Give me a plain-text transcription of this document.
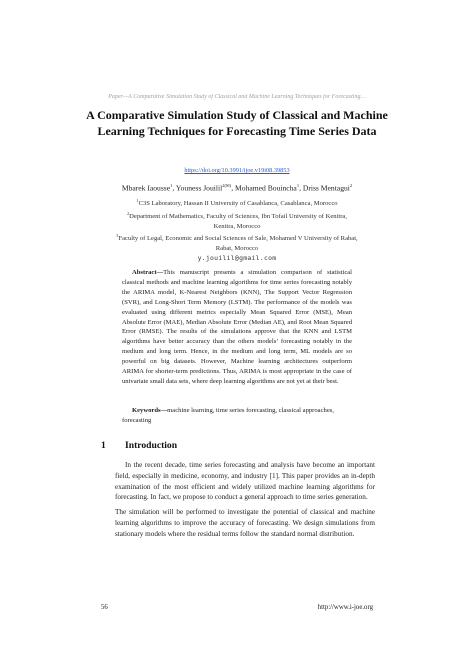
Paper—A Comparative Simulation Study of Classical and Machine Learning Techniques for Forecasting…
A Comparative Simulation Study of Classical and Machine Learning Techniques for Forecasting Time Series Data
https://doi.org/10.3991/ijoe.v19i08.39853
Mbarek Iaousse$^1$, Youness Jouilil$^{2(✉)}$, Mohamed Bouincha$^1$, Driss Mentagui$^2$
$^1$C3S Laboratory, Hassan II University of Casablanca, Casablanca, Morocco
$^2$Department of Mathematics, Faculty of Sciences, Ibn Tofail University of Kenitra,
Kenitra, Morocco
$^3$Faculty of Legal, Economic and Social Sciences of Sale, Mohamed V University of Rabat,
Rabat, Morocco
y.jouilil@gmail.com
Abstract—This manuscript presents a simulation comparison of statistical classical methods and machine learning algorithms for time series forecasting notably the ARIMA model, K-Nearest Neighbors (KNN), The Support Vector Regression (SVR), and Long-Short Term Memory (LSTM). The performance of the models was evaluated using different metrics especially Mean Squared Error (MSE), Mean Absolute Error (MAE), Median Absolute Error (Median AE), and Root Mean Squared Error (RMSE). The results of the simulations approve that the KNN and LSTM algorithms have better accuracy than the others models’ forecasting notably in the medium and long term. Hence, in the medium and long term, ML models are so powerful on big datasets. However, Machine learning architectures outperform ARIMA for shorter-term predictions. Thus, ARIMA is most appropriate in the case of univariate small data sets, where deep learning algorithms are not yet at their best.
Keywords—machine learning, time series forecasting, classical approaches, forecasting
1 Introduction
In the recent decade, time series forecasting and analysis have become an important field, especially in medicine, economy, and industry [1]. This paper provides an in-depth examination of the most efficient and widely utilized machine learning algorithms for forecasting. In fact, we propose to conduct a general approach to time series generation.
The simulation will be performed to investigate the potential of classical and machine learning algorithms to improve the accuracy of forecasting. We design simulations from stationary models where the residual terms follow the standard normal distribution.
56	http://www.i-joe.org
